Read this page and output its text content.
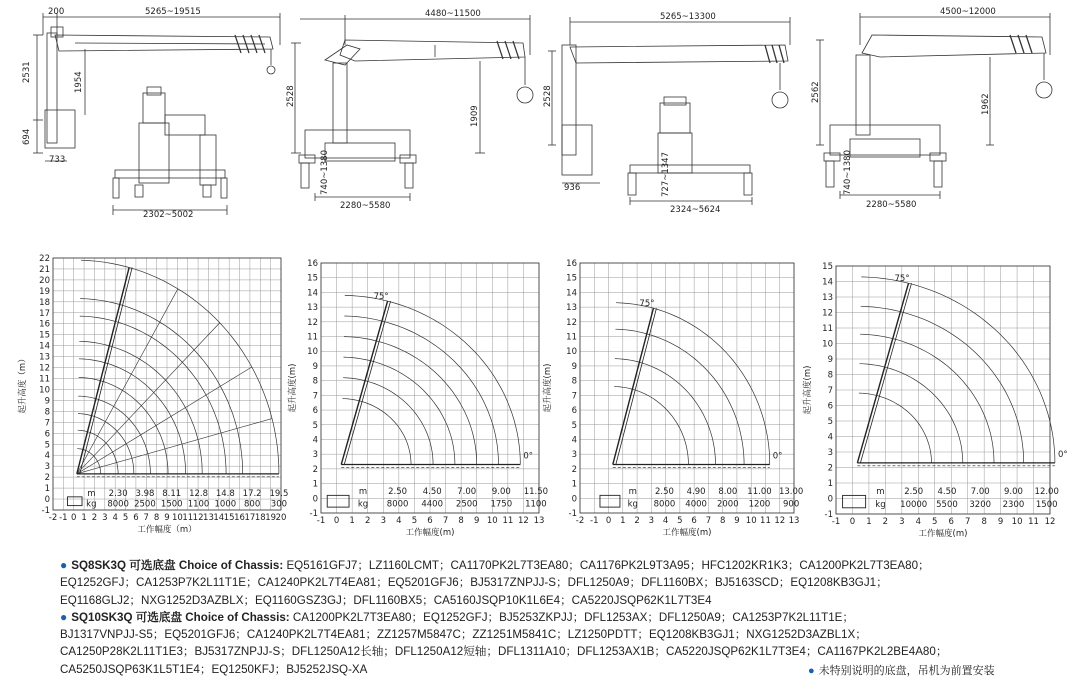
200	5265~19515
2531	1954
694
733
2302~5002
4480~11500
2528
1909
740~1380
2280~5580
5265~13300
2528
936	727~1347
2324~5624
4500~12000
2562
1962
740~1380
2280~5580
-2 -1 0 1 2 3 4 5 6 7 8 9 10 11 12 13 14 15 16 17 18 19 20
-1
0
1
2
3
4
5
6
7
8
9
10
11
12
13
14
15
16
17
18
19
20
21
22
工作幅度（m）
起升高度（m）
m 2.30 3.98 8.11 12.8 14.8 17.2 19.5
kg 8000 2500 1500 1100 1000 800 300
-1 0 1 2 3 4 5 6 7 8 9 10 11 12 13
-1
0
1
2
3
4
5
6
7
8
9
10
11
12
13
14
15
16
工作幅度(m)
起升高度(m)
75°
0°
m 2.50 4.50 7.00 9.00 11.50
kg 8000 4400 2500 1750 1100
-2 -1 0 1 2 3 4 5 6 7 8 9 10 11 12 13
-1
0
1
2
3
4
5
6
7
8
9
10
11
12
13
14
15
16
工作幅度(m)
起升高度(m)
75°
0°
m 2.50 4.90 8.00 11.00 13.00
kg 8000 4000 2000 1200 900
-1 0 1 2 3 4 5 6 7 8 9 10 11 12
-1
0
1
2
3
4
5
6
7
8
9
10
11
12
13
14
15
工作幅度(m)
起升高度(m)
75°
0°
m 2.50 4.50 7.00 9.00 12.00
kg 10000 5500 3200 2300 1500
● SQ8SK3Q 可选底盘 Choice of Chassis: EQ5161GFJ7；LZ1160LCMT；CA1170PK2L7T3EA80；CA1176PK2L9T3A95；HFC1202KR1K3；CA1200PK2L7T3EA80；
EQ1252GFJ；CA1253P7K2L11T1E；CA1240PK2L7T4EA81；EQ5201GFJ6；BJ5317ZNPJJ-S；DFL1250A9；DFL1160BX；BJ5163SCD；EQ1208KB3GJ1；
EQ1168GLJ2；NXG1252D3AZBLX；EQ1160GSZ3GJ；DFL1160BX5；CA5160JSQP10K1L6E4；CA5220JSQP62K1L7T3E4
● SQ10SK3Q 可选底盘 Choice of Chassis: CA1200PK2L7T3EA80；EQ1252GFJ；BJ5253ZKPJJ；DFL1253AX；DFL1250A9；CA1253P7K2L11T1E；
BJ1317VNPJJ-S5；EQ5201GFJ6；CA1240PK2L7T4EA81；ZZ1257M5847C；ZZ1251M5841C；LZ1250PDTT；EQ1208KB3GJ1；NXG1252D3AZBL1X；
CA1250P28K2L11T1E3；BJ5317ZNPJJ-S；DFL1250A12长轴；DFL1250A12短轴；DFL1311A10；DFL1253AX1B；CA5220JSQP62K1L7T3E4；CA1167PK2L2BE4A80；
CA5250JSQP63K1L5T1E4；EQ1250KFJ；BJ5252JSQ-XA	● 未特别说明的底盘，吊机为前置安装
